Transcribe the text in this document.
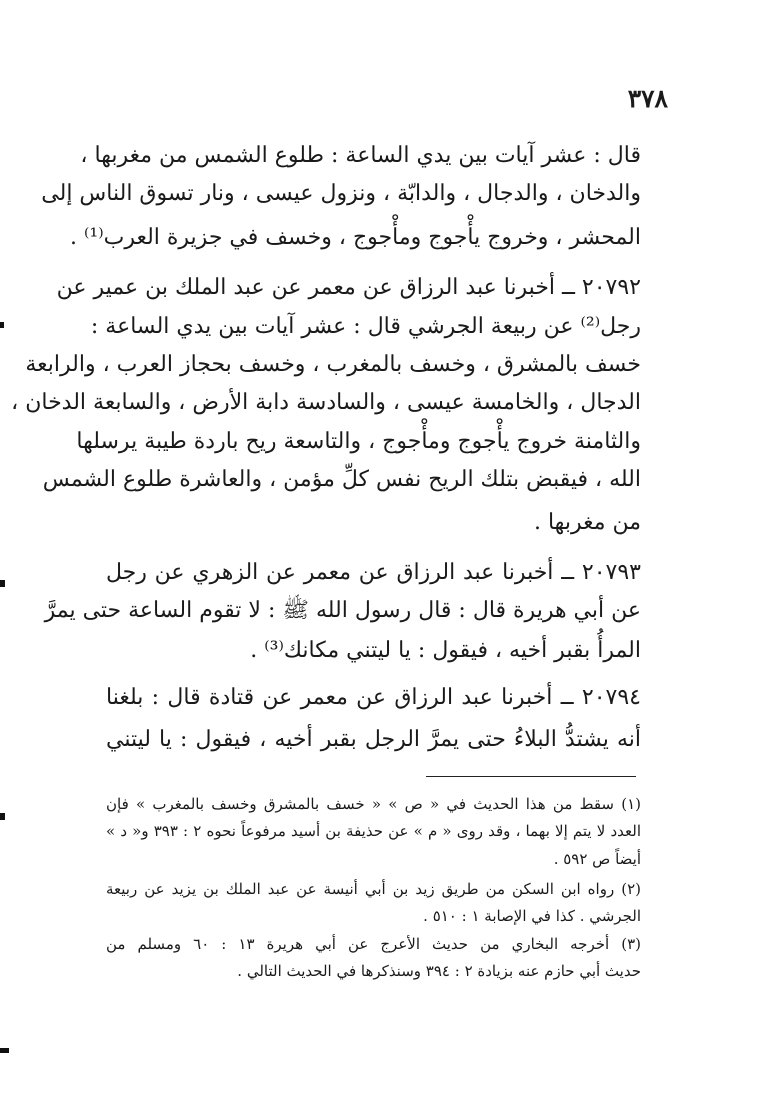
٣٧٨
قال : عشر آيات بين يدي الساعة : طلوع الشمس من مغربها ،
والدخان ، والدجال ، والدابّة ، ونزول عيسى ، ونار تسوق الناس إلى
المحشر ، وخروج يأْجوج ومأْجوج ، وخسف في جزيرة العرب⁽¹⁾ .
٢٠٧٩٢ ــ أخبرنا عبد الرزاق عن معمر عن عبد الملك بن عمير عن
رجل⁽²⁾ عن ربيعة الجرشي قال : عشر آيات بين يدي الساعة :
خسف بالمشرق ، وخسف بالمغرب ، وخسف بحجاز العرب ، والرابعة
الدجال ، والخامسة عيسى ، والسادسة دابة الأرض ، والسابعة الدخان ،
والثامنة خروج يأْجوج ومأْجوج ، والتاسعة ريح باردة طيبة يرسلها
الله ، فيقبض بتلك الريح نفس كلِّ مؤمن ، والعاشرة طلوع الشمس
من مغربها .
٢٠٧٩٣ ــ أخبرنا عبد الرزاق عن معمر عن الزهري عن رجل
عن أبي هريرة قال : قال رسول الله ﷺ : لا تقوم الساعة حتى يمرَّ
المرأُ بقبر أخيه ، فيقول : يا ليتني مكانك⁽³⁾ .
٢٠٧٩٤ ــ أخبرنا عبد الرزاق عن معمر عن قتادة قال : بلغنا
أنه يشتدُّ البلاءُ حتى يمرَّ الرجل بقبر أخيه ، فيقول : يا ليتني
(١) سقط من هذا الحديث في « ص » « خسف بالمشرق وخسف بالمغرب » فإن
العدد لا يتم إلا بهما ، وقد روى « م » عن حذيفة بن أسيد مرفوعاً نحوه ٢ : ٣٩٣ و« د »
أيضاً ص ٥٩٢ .
(٢) رواه ابن السكن من طريق زيد بن أبي أنيسة عن عبد الملك بن يزيد عن ربيعة
الجرشي . كذا في الإصابة ١ : ٥١٠ .
(٣) أخرجه البخاري من حديث الأعرج عن أبي هريرة ١٣ : ٦٠ ومسلم من
حديث أبي حازم عنه بزيادة ٢ : ٣٩٤ وسنذكرها في الحديث التالي .
